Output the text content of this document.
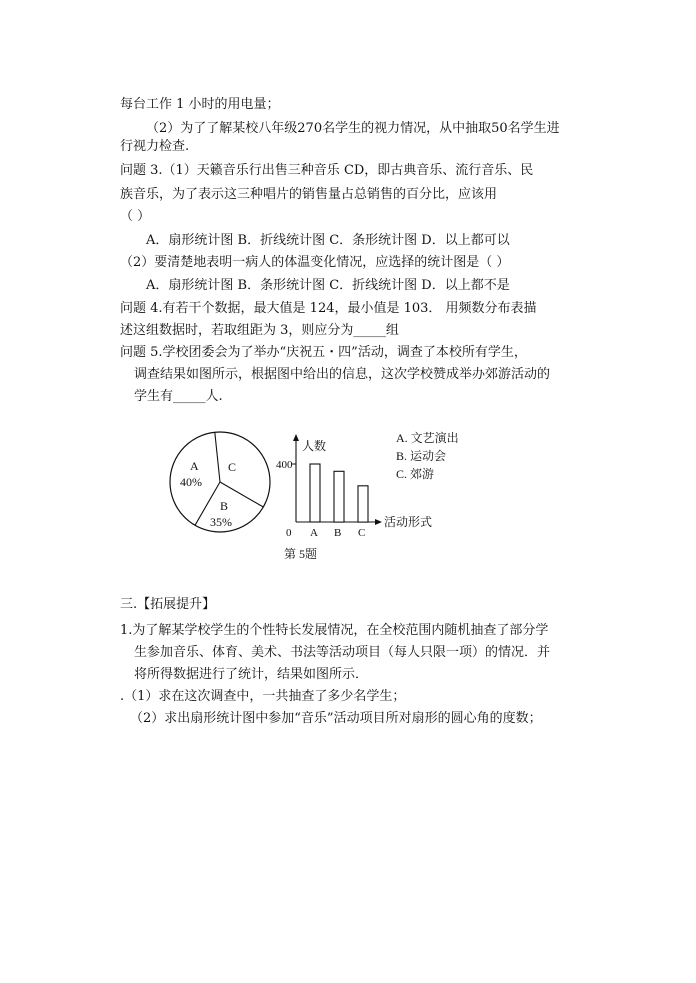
每台工作 1 小时的用电量；
（2）为了了解某校八年级270名学生的视力情况，从中抽取50名学生进
行视力检查.
问题 3.（1）天籁音乐行出售三种音乐 CD，即古典音乐、流行音乐、民
族音乐，为了表示这三种唱片的销售量占总销售的百分比，应该用
（ ）
A．扇形统计图 B．折线统计图 C．条形统计图 D．以上都可以
（2）要清楚地表明一病人的体温变化情况，应选择的统计图是（ ）
A．扇形统计图 B．条形统计图 C．折线统计图 D．以上都不是
问题 4.有若干个数据，最大值是 124，最小值是 103． 用频数分布表描
述这组数据时，若取组距为 3，则应分为_____组
问题 5.学校团委会为了举办“庆祝五・四”活动，调查了本校所有学生，
调查结果如图所示，根据图中给出的信息，这次学校赞成举办郊游活动的
学生有_____人.
A
40%
B
35%
C
人数
400
0 A B C
活动形式
A. 文艺演出
B. 运动会
C. 郊游
第 5题
三.【拓展提升】
1.为了解某学校学生的个性特长发展情况，在全校范围内随机抽查了部分学
生参加音乐、体育、美术、书法等活动项目（每人只限一项）的情况．并
将所得数据进行了统计，结果如图所示．
.（1）求在这次调查中，一共抽查了多少名学生；
（2）求出扇形统计图中参加“音乐”活动项目所对扇形的圆心角的度数；
